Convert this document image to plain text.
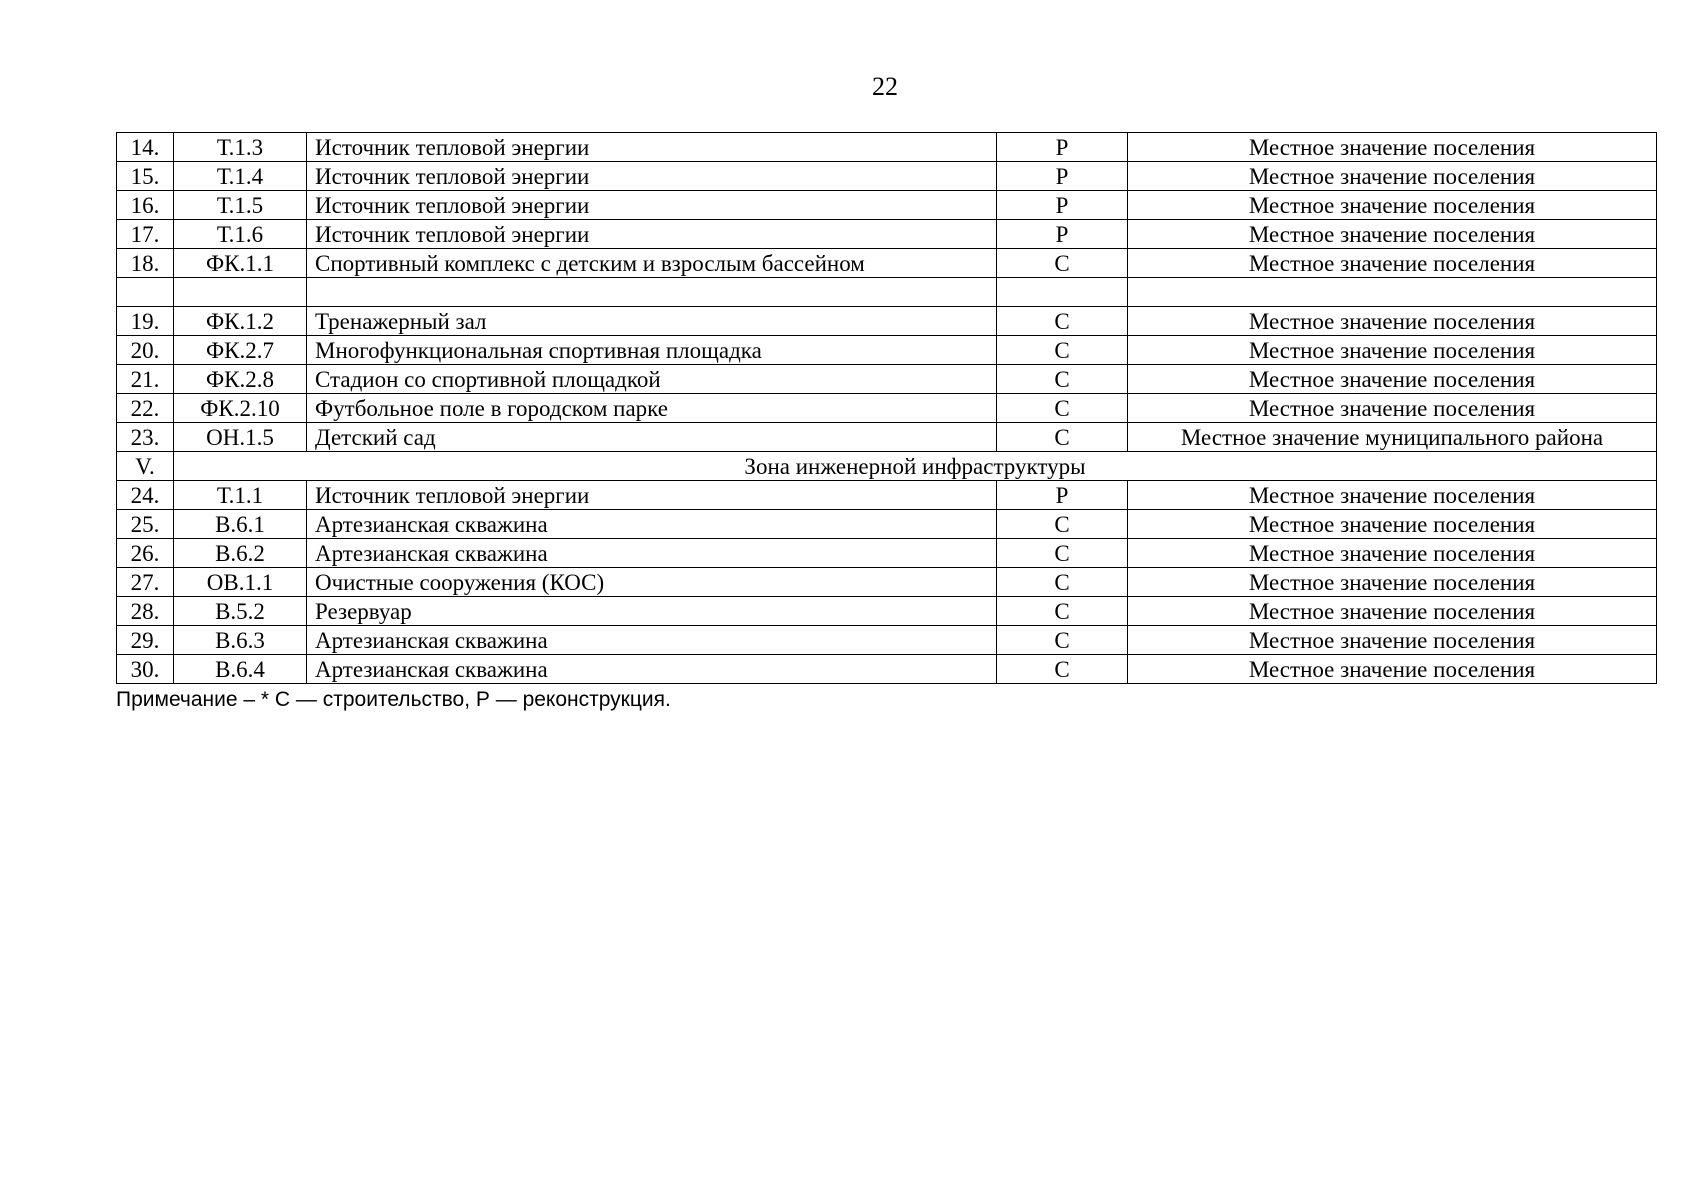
22
14.	Т.1.3	Источник тепловой энергии	Р	Местное значение поселения
15.	Т.1.4	Источник тепловой энергии	Р	Местное значение поселения
16.	Т.1.5	Источник тепловой энергии	Р	Местное значение поселения
17.	Т.1.6	Источник тепловой энергии	Р	Местное значение поселения
18.	ФК.1.1	Спортивный комплекс с детским и взрослым бассейном	С	Местное значение поселения

19.	ФК.1.2	Тренажерный зал	С	Местное значение поселения
20.	ФК.2.7	Многофункциональная спортивная площадка	С	Местное значение поселения
21.	ФК.2.8	Стадион со спортивной площадкой	С	Местное значение поселения
22.	ФК.2.10	Футбольное поле в городском парке	С	Местное значение поселения
23.	ОН.1.5	Детский сад	С	Местное значение муниципального района
V.	Зона инженерной инфраструктуры			
24.	Т.1.1	Источник тепловой энергии	Р	Местное значение поселения
25.	В.6.1	Артезианская скважина	С	Местное значение поселения
26.	В.6.2	Артезианская скважина	С	Местное значение поселения
27.	ОВ.1.1	Очистные сооружения (КОС)	С	Местное значение поселения
28.	В.5.2	Резервуар	С	Местное значение поселения
29.	В.6.3	Артезианская скважина	С	Местное значение поселения
30.	В.6.4	Артезианская скважина	С	Местное значение поселения
Примечание – * С — строительство, Р — реконструкция.
